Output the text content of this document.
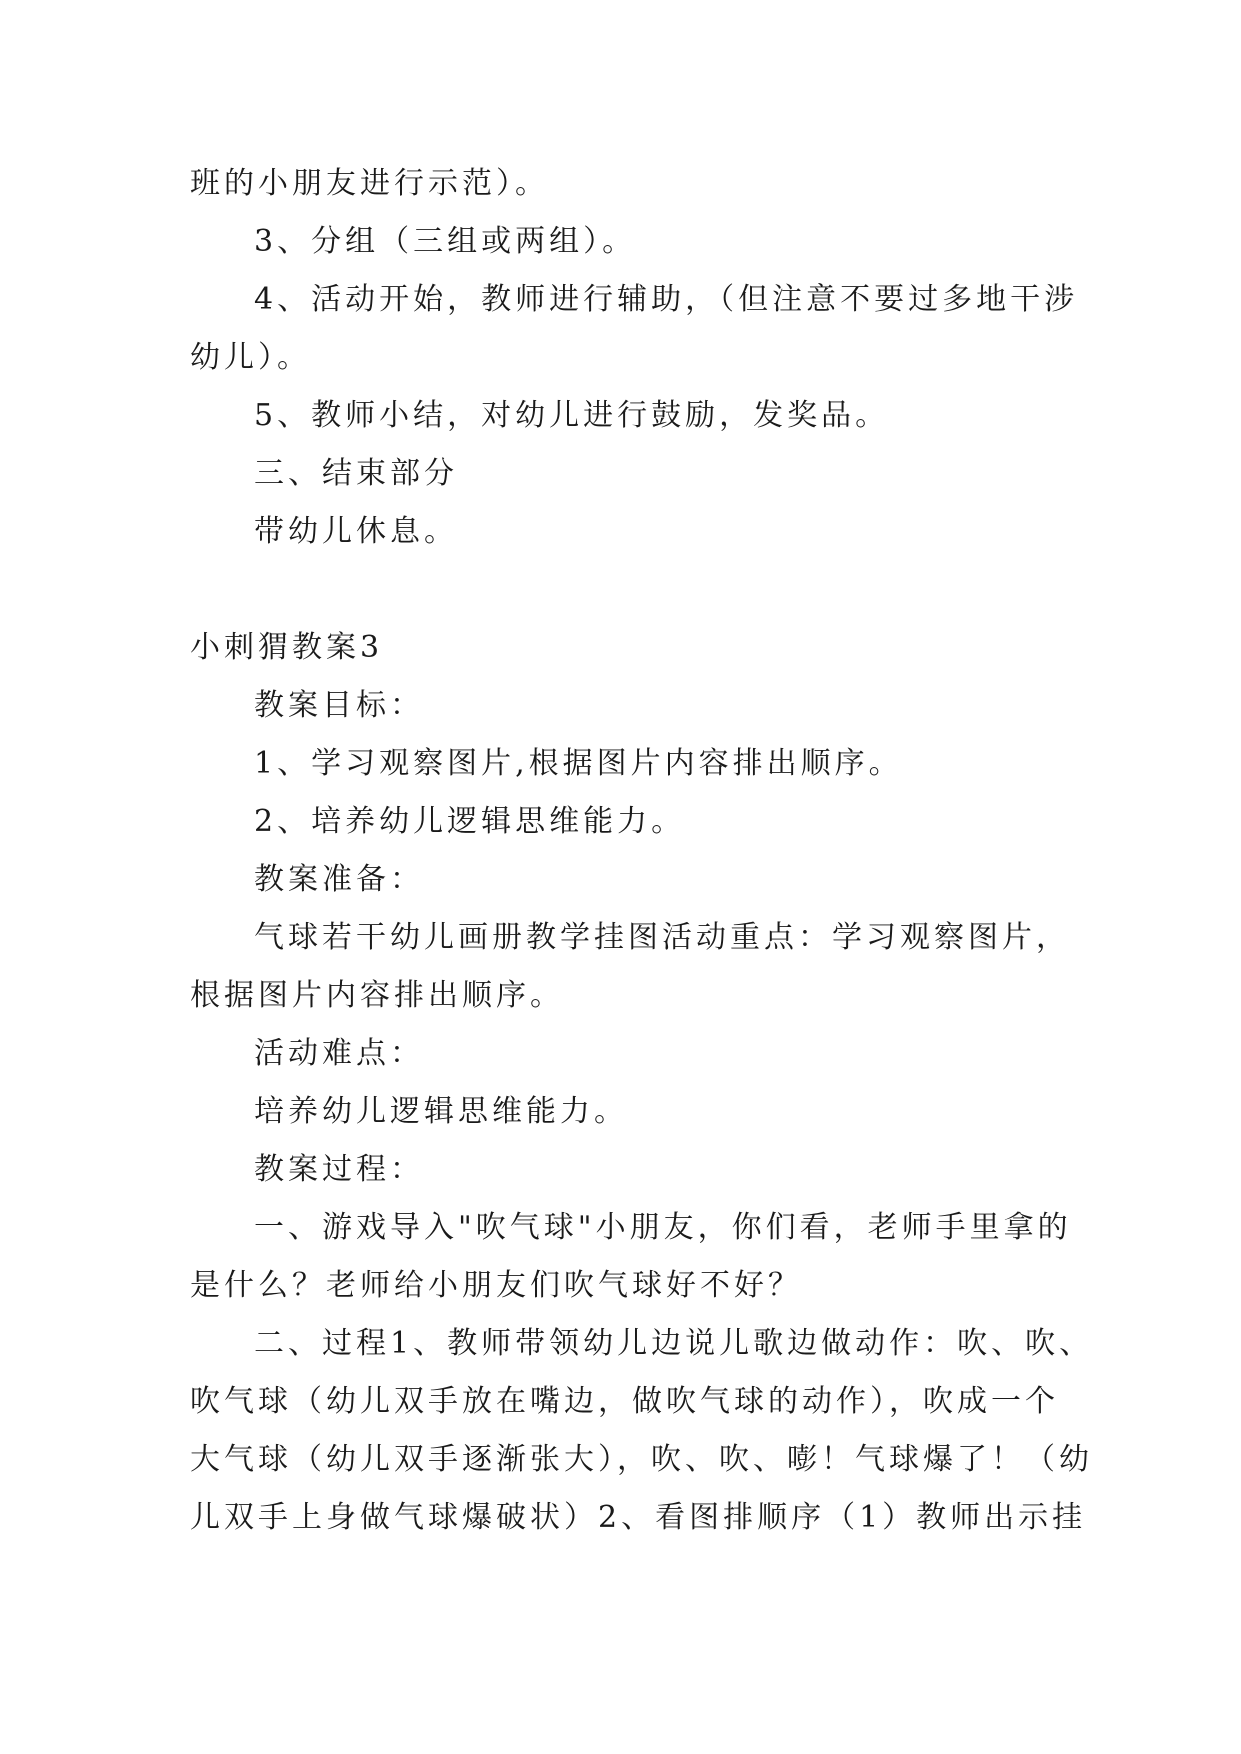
班的小朋友进行示范）。
3、分组（三组或两组）。
4、活动开始，教师进行辅助，（但注意不要过多地干涉
幼儿）。
5、教师小结，对幼儿进行鼓励，发奖品。
三、结束部分
带幼儿休息。
小刺猬教案3
教案目标：
1、学习观察图片,根据图片内容排出顺序。
2、培养幼儿逻辑思维能力。
教案准备：
气球若干幼儿画册教学挂图活动重点：学习观察图片，
根据图片内容排出顺序。
活动难点：
培养幼儿逻辑思维能力。
教案过程：
一、游戏导入"吹气球"小朋友，你们看，老师手里拿的
是什么？老师给小朋友们吹气球好不好？
二、过程1、教师带领幼儿边说儿歌边做动作：吹、吹、
吹气球（幼儿双手放在嘴边，做吹气球的动作），吹成一个
大气球（幼儿双手逐渐张大），吹、吹、嘭！气球爆了！（幼
儿双手上身做气球爆破状）2、看图排顺序（1）教师出示挂
